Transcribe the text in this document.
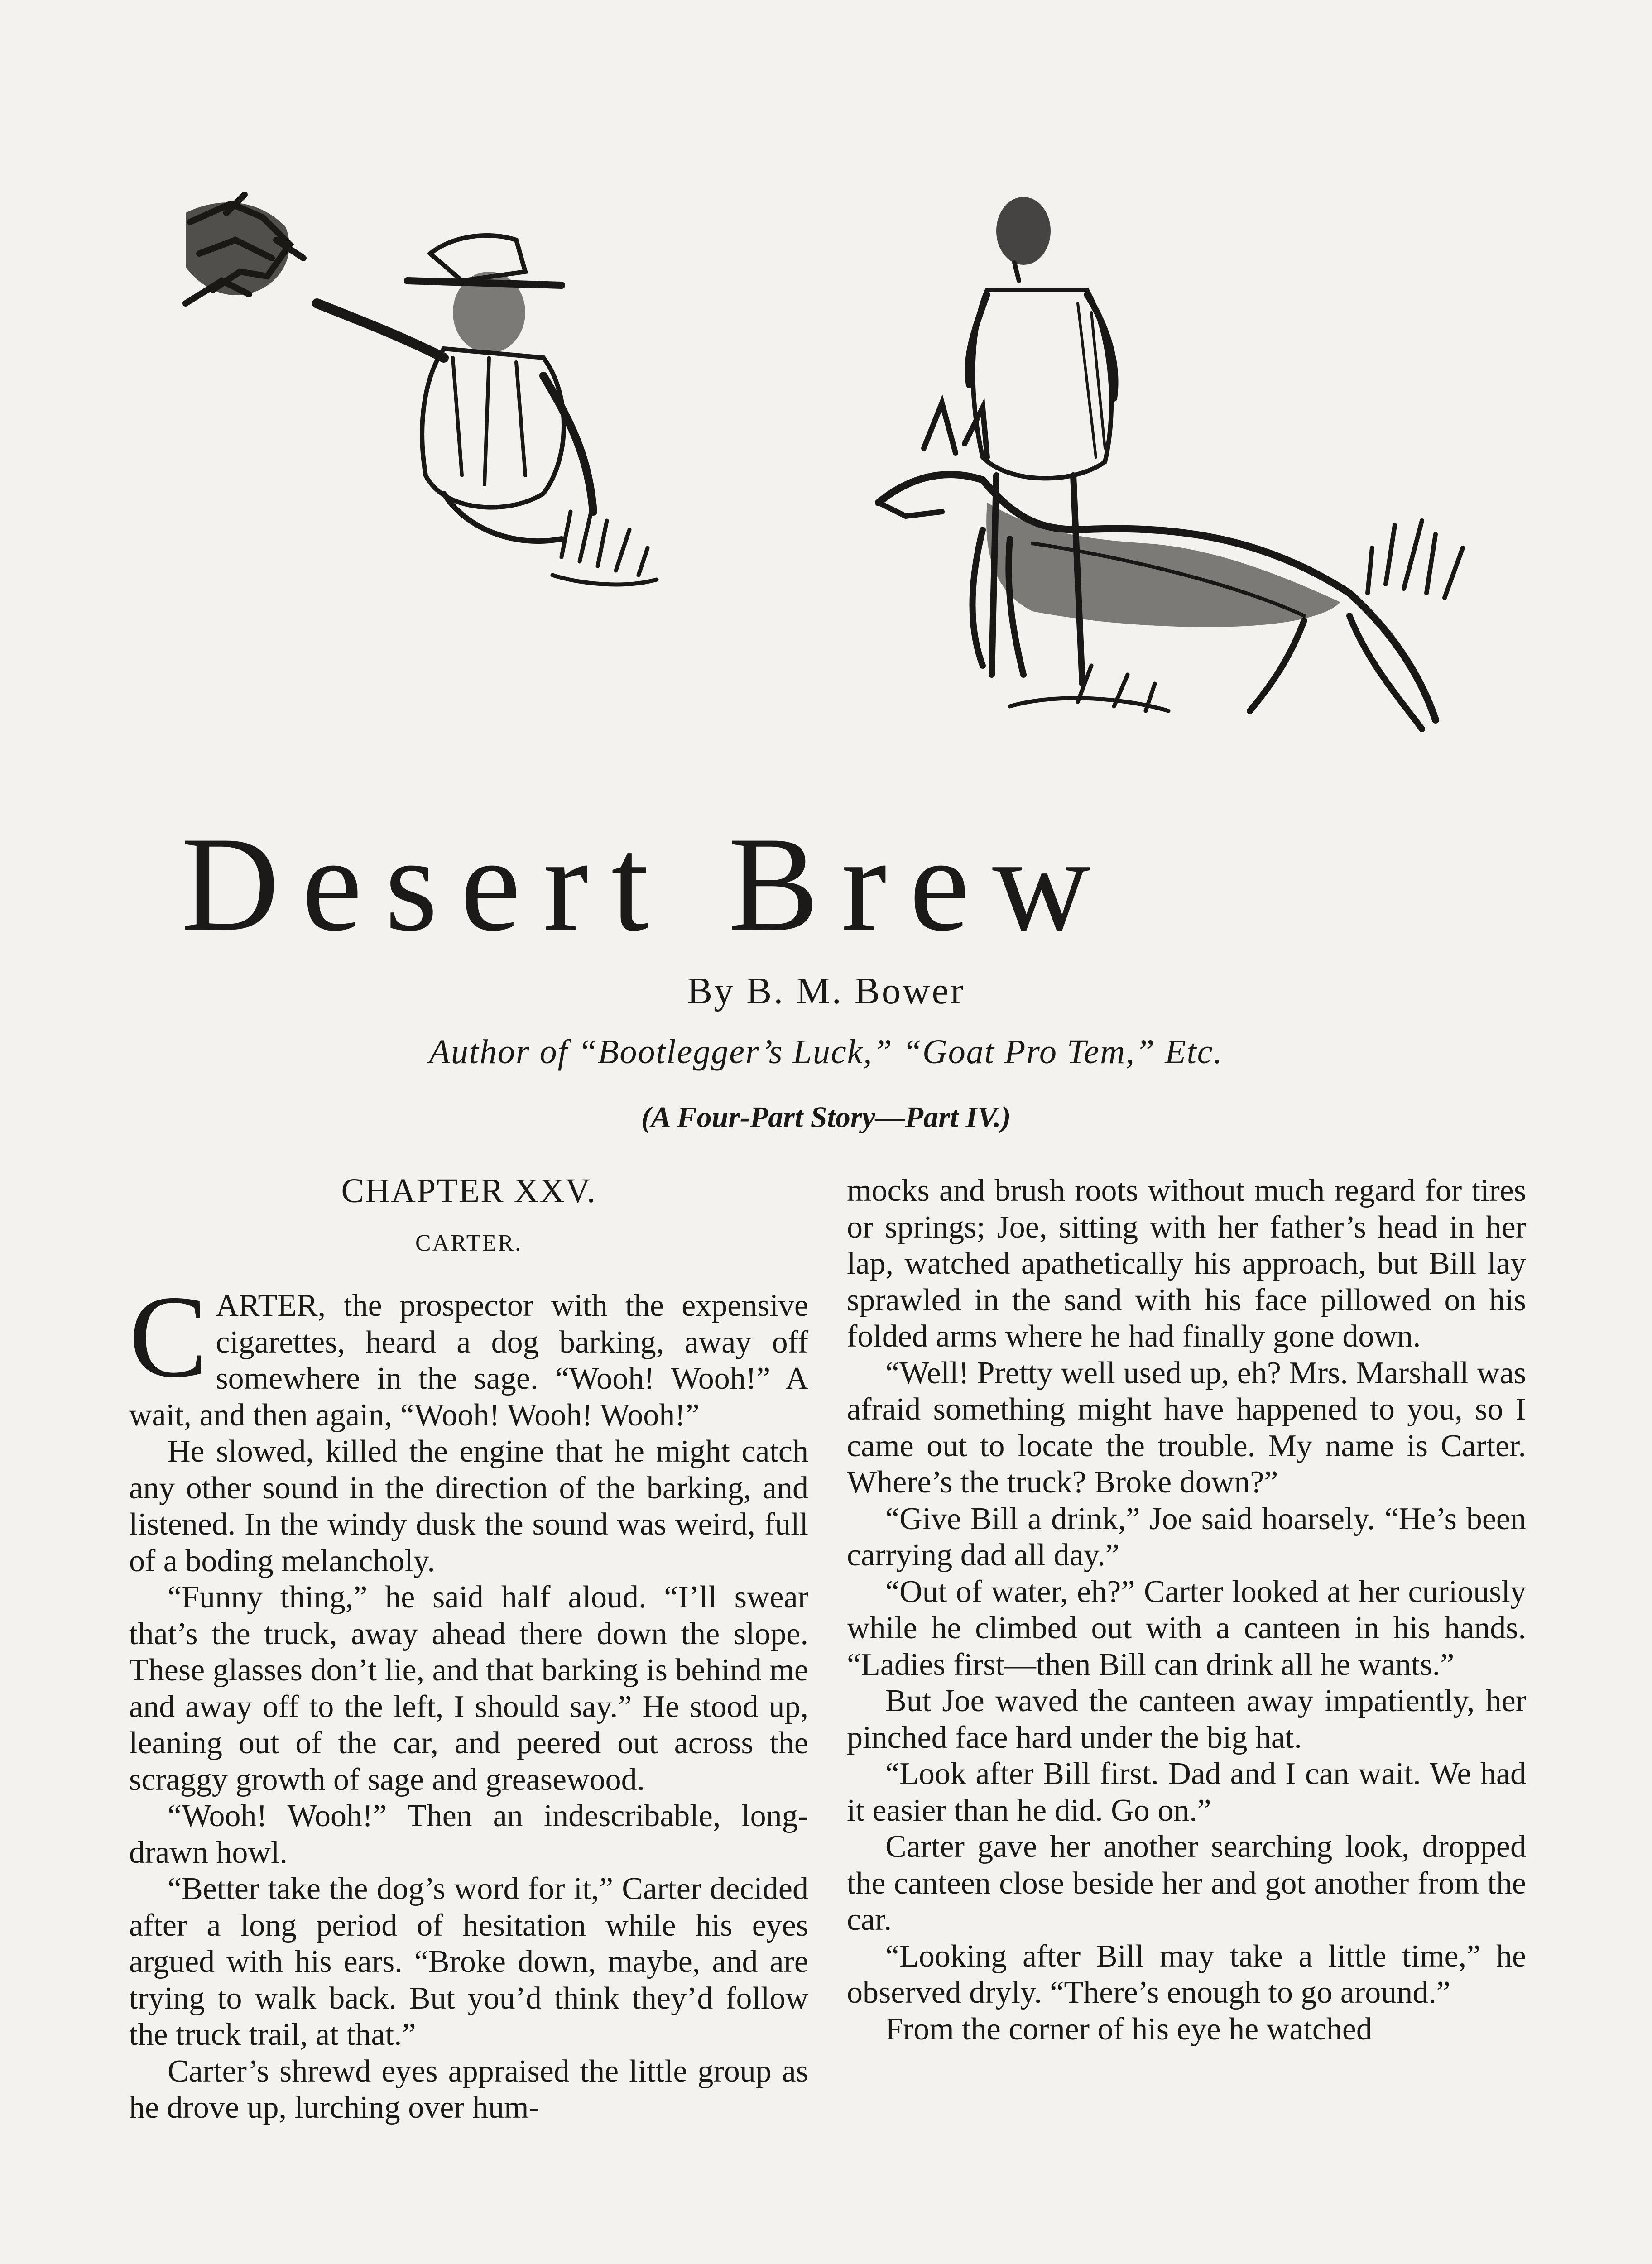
Desert Brew
By B. M. Bower
Author of “Bootlegger’s Luck,” “Goat Pro Tem,” Etc.
(A Four-Part Story—Part IV.)
CHAPTER XXV.
CARTER.

CARTER, the prospector with the expensive cigarettes, heard a dog barking, away off somewhere in the sage. “Wooh! Wooh!” A wait, and then again, “Wooh! Wooh! Wooh!”

He slowed, killed the engine that he might catch any other sound in the direction of the barking, and listened. In the windy dusk the sound was weird, full of a boding melancholy.

“Funny thing,” he said half aloud. “I’ll swear that’s the truck, away ahead there down the slope. These glasses don’t lie, and that barking is behind me and away off to the left, I should say.” He stood up, leaning out of the car, and peered out across the scraggy growth of sage and greasewood.

“Wooh! Wooh!” Then an indescribable, long-drawn howl.

“Better take the dog’s word for it,” Carter decided after a long period of hesitation while his eyes argued with his ears. “Broke down, maybe, and are trying to walk back. But you’d think they’d follow the truck trail, at that.”

Carter’s shrewd eyes appraised the little group as he drove up, lurching over hum-

mocks and brush roots without much regard for tires or springs; Joe, sitting with her father’s head in her lap, watched apathetically his approach, but Bill lay sprawled in the sand with his face pillowed on his folded arms where he had finally gone down.

“Well! Pretty well used up, eh? Mrs. Marshall was afraid something might have happened to you, so I came out to locate the trouble. My name is Carter. Where’s the truck? Broke down?”

“Give Bill a drink,” Joe said hoarsely. “He’s been carrying dad all day.”

“Out of water, eh?” Carter looked at her curiously while he climbed out with a canteen in his hands. “Ladies first—then Bill can drink all he wants.”

But Joe waved the canteen away impatiently, her pinched face hard under the big hat.

“Look after Bill first. Dad and I can wait. We had it easier than he did. Go on.”

Carter gave her another searching look, dropped the canteen close beside her and got another from the car.

“Looking after Bill may take a little time,” he observed dryly. “There’s enough to go around.”

From the corner of his eye he watched
